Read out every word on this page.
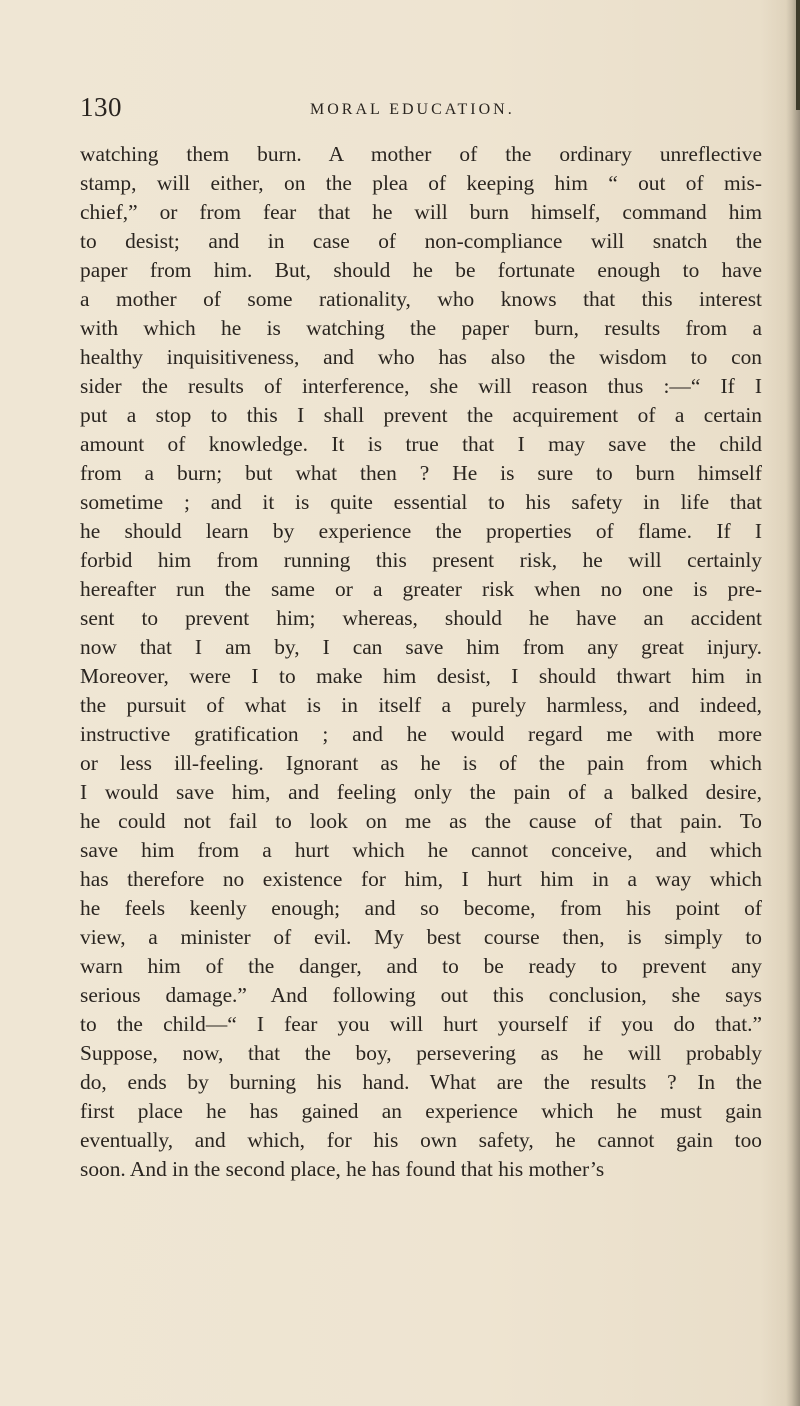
130	MORAL EDUCATION.
watching them burn. A mother of the ordinary unreflective
stamp, will either, on the plea of keeping him “ out of mis-
chief,” or from fear that he will burn himself, command him
to desist; and in case of non-compliance will snatch the
paper from him. But, should he be fortunate enough to have
a mother of some rationality, who knows that this interest
with which he is watching the paper burn, results from a
healthy inquisitiveness, and who has also the wisdom to con
sider the results of interference, she will reason thus :—“ If I
put a stop to this I shall prevent the acquirement of a certain
amount of knowledge. It is true that I may save the child
from a burn; but what then ? He is sure to burn himself
sometime ; and it is quite essential to his safety in life that
he should learn by experience the properties of flame. If I
forbid him from running this present risk, he will certainly
hereafter run the same or a greater risk when no one is pre-
sent to prevent him; whereas, should he have an accident
now that I am by, I can save him from any great injury.
Moreover, were I to make him desist, I should thwart him in
the pursuit of what is in itself a purely harmless, and indeed,
instructive gratification ; and he would regard me with more
or less ill-feeling. Ignorant as he is of the pain from which
I would save him, and feeling only the pain of a balked desire,
he could not fail to look on me as the cause of that pain. To
save him from a hurt which he cannot conceive, and which
has therefore no existence for him, I hurt him in a way which
he feels keenly enough; and so become, from his point of
view, a minister of evil. My best course then, is simply to
warn him of the danger, and to be ready to prevent any
serious damage.” And following out this conclusion, she says
to the child—“ I fear you will hurt yourself if you do that.”
Suppose, now, that the boy, persevering as he will probably
do, ends by burning his hand. What are the results ? In the
first place he has gained an experience which he must gain
eventually, and which, for his own safety, he cannot gain too
soon. And in the second place, he has found that his mother’s
